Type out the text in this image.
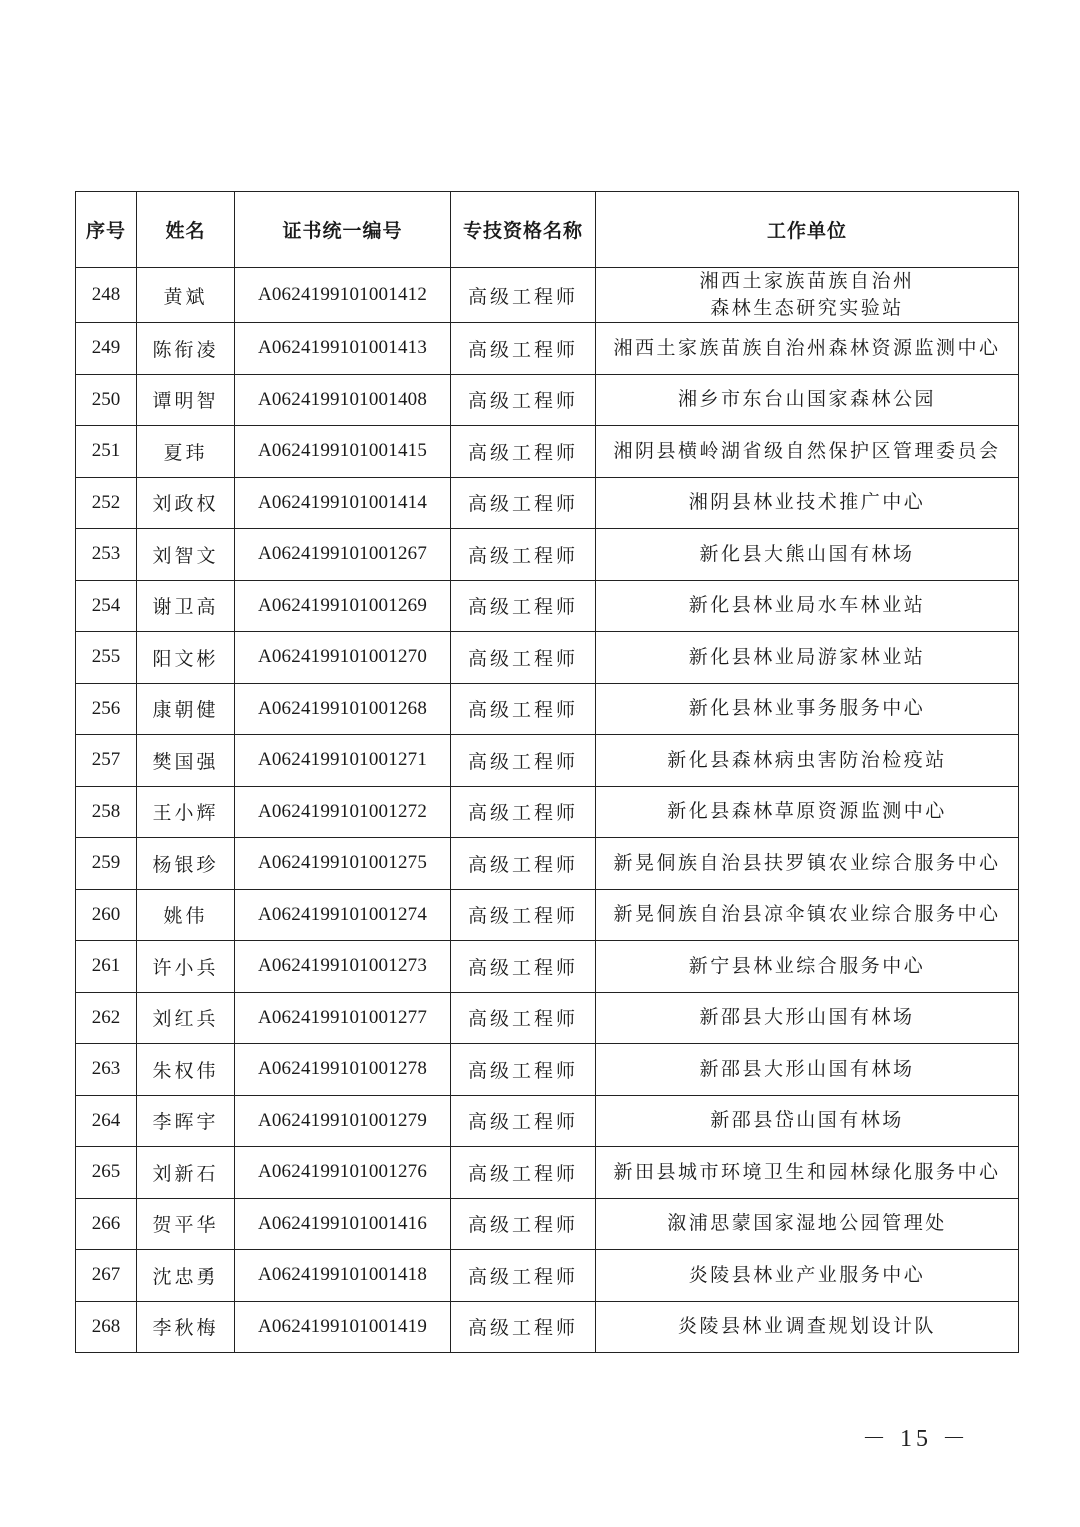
序号	姓名	证书统一编号	专技资格名称	工作单位
248	黄斌	A0624199101001412	高级工程师	湘西土家族苗族自治州
森林生态研究实验站

249	陈衔凌	A0624199101001413	高级工程师	湘西土家族苗族自治州森林资源监测中心

250	谭明智	A0624199101001408	高级工程师	湘乡市东台山国家森林公园

251	夏玮	A0624199101001415	高级工程师	湘阴县横岭湖省级自然保护区管理委员会

252	刘政权	A0624199101001414	高级工程师	湘阴县林业技术推广中心

253	刘智文	A0624199101001267	高级工程师	新化县大熊山国有林场

254	谢卫高	A0624199101001269	高级工程师	新化县林业局水车林业站

255	阳文彬	A0624199101001270	高级工程师	新化县林业局游家林业站

256	康朝健	A0624199101001268	高级工程师	新化县林业事务服务中心

257	樊国强	A0624199101001271	高级工程师	新化县森林病虫害防治检疫站

258	王小辉	A0624199101001272	高级工程师	新化县森林草原资源监测中心

259	杨银珍	A0624199101001275	高级工程师	新晃侗族自治县扶罗镇农业综合服务中心

260	姚伟	A0624199101001274	高级工程师	新晃侗族自治县凉伞镇农业综合服务中心

261	许小兵	A0624199101001273	高级工程师	新宁县林业综合服务中心

262	刘红兵	A0624199101001277	高级工程师	新邵县大形山国有林场

263	朱权伟	A0624199101001278	高级工程师	新邵县大形山国有林场

264	李晖宇	A0624199101001279	高级工程师	新邵县岱山国有林场

265	刘新石	A0624199101001276	高级工程师	新田县城市环境卫生和园林绿化服务中心

266	贺平华	A0624199101001416	高级工程师	溆浦思蒙国家湿地公园管理处

267	沈忠勇	A0624199101001418	高级工程师	炎陵县林业产业服务中心

268	李秋梅	A0624199101001419	高级工程师	炎陵县林业调查规划设计队
－ 15 －
